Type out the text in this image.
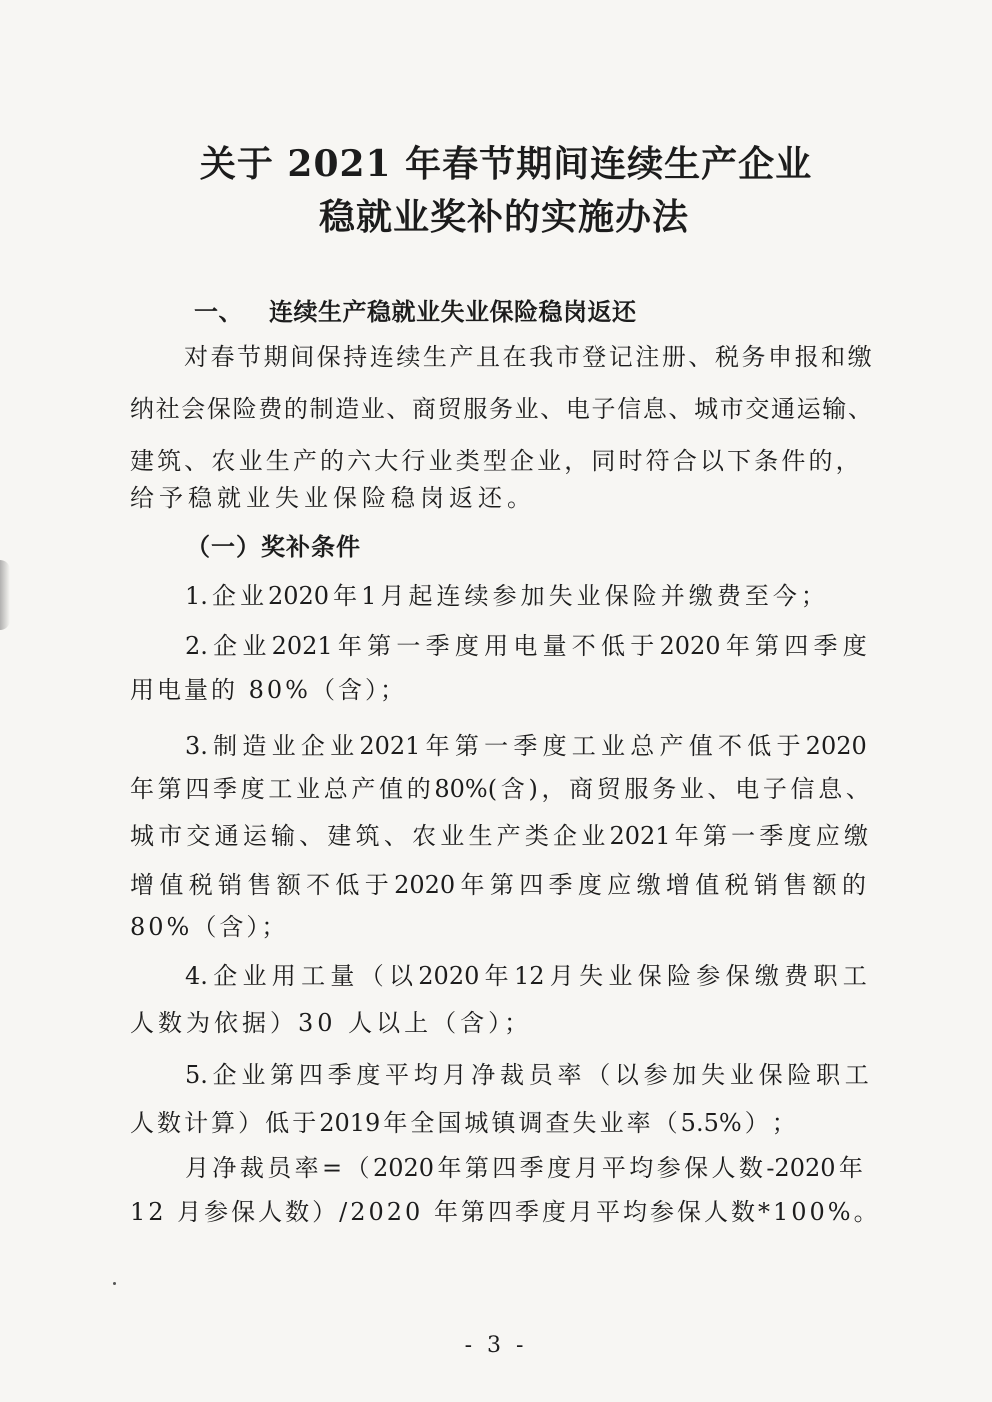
关于 2021 年春节期间连续生产企业
稳就业奖补的实施办法
一、 连续生产稳就业失业保险稳岗返还
对 春 节 期 间 保 持 连 续 生 产 且 在 我 市 登 记 注 册 、 税 务 申 报 和 缴
纳 社 会 保 险 费 的 制 造 业 、 商 贸 服 务 业 、 电 子 信 息 、 城 市 交 通 运 输 、
建 筑 、 农 业 生 产 的 六 大 行 业 类 型 企 业 ， 同 时 符 合 以 下 条 件 的 ，
给予稳就业失业保险稳岗返还。
（一）奖补条件
1. 企 业 2020 年 1 月 起 连 续 参 加 失 业 保 险 并 缴 费 至 今 ；
2. 企 业 2021 年 第 一 季 度 用 电 量 不 低 于 2020 年 第 四 季 度
用电量的 80%（含）；
3. 制 造 业 企 业 2021 年 第 一 季 度 工 业 总 产 值 不 低 于 2020
年 第 四 季 度 工 业 总 产 值 的 80%( 含 ) ， 商 贸 服 务 业 、 电 子 信 息 、
城 市 交 通 运 输 、 建 筑 、 农 业 生 产 类 企 业 2021 年 第 一 季 度 应 缴
增 值 税 销 售 额 不 低 于 2020 年 第 四 季 度 应 缴 增 值 税 销 售 额 的
80%（含）；
4. 企 业 用 工 量 （ 以 2020 年 12 月 失 业 保 险 参 保 缴 费 职 工
人数为依据）30 人以上（含）；
5. 企 业 第 四 季 度 平 均 月 净 裁 员 率 （ 以 参 加 失 业 保 险 职 工
人 数 计 算 ） 低 于 2019 年 全 国 城 镇 调 查 失 业 率 （ 5.5% ） ；
月 净 裁 员 率 = （ 2020 年 第 四 季 度 月 平 均 参 保 人 数 -2020 年
12 月参保人数）/2020 年第四季度月平均参保人数*100%。
- 3 -
